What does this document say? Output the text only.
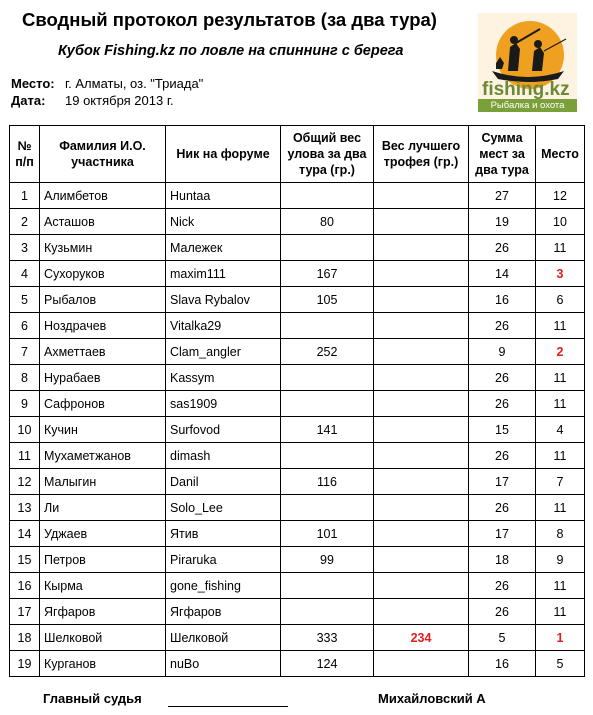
Сводный протокол результатов (за два тура)
Кубок Fishing.kz по ловле на спиннинг с берега
Место: г. Алматы, оз. "Триада"
Дата: 19 октября 2013 г.
fishing.kz
Рыбалка и охота
№ п/п	Фамилия И.О. участника	Ник на форуме	Общий вес улова за два тура (гр.)	Вес лучшего трофея (гр.)	Сумма мест за два тура	Место
1	Алимбетов	Huntaa			27	12
2	Асташов	Nick	80		19	10
3	Кузьмин	Малежек			26	11
4	Сухоруков	maxim111	167		14	3
5	Рыбалов	Slava Rybalov	105		16	6
6	Ноздрачев	Vitalka29			26	11
7	Ахметтаев	Clam_angler	252		9	2
8	Нурабаев	Kassym			26	11
9	Сафронов	sas1909			26	11
10	Кучин	Surfovod	141		15	4
11	Мухаметжанов	dimash			26	11
12	Малыгин	Danil	116		17	7
13	Ли	Solo_Lee			26	11
14	Уджаев	Ятив	101		17	8
15	Петров	Piraruka	99		18	9
16	Кырма	gone_fishing			26	11
17	Ягфаров	Ягфаров			26	11
18	Шелковой	Шелковой	333	234	5	1
19	Курганов	nuBo	124		16	5
Главный судья	Михайловский А
